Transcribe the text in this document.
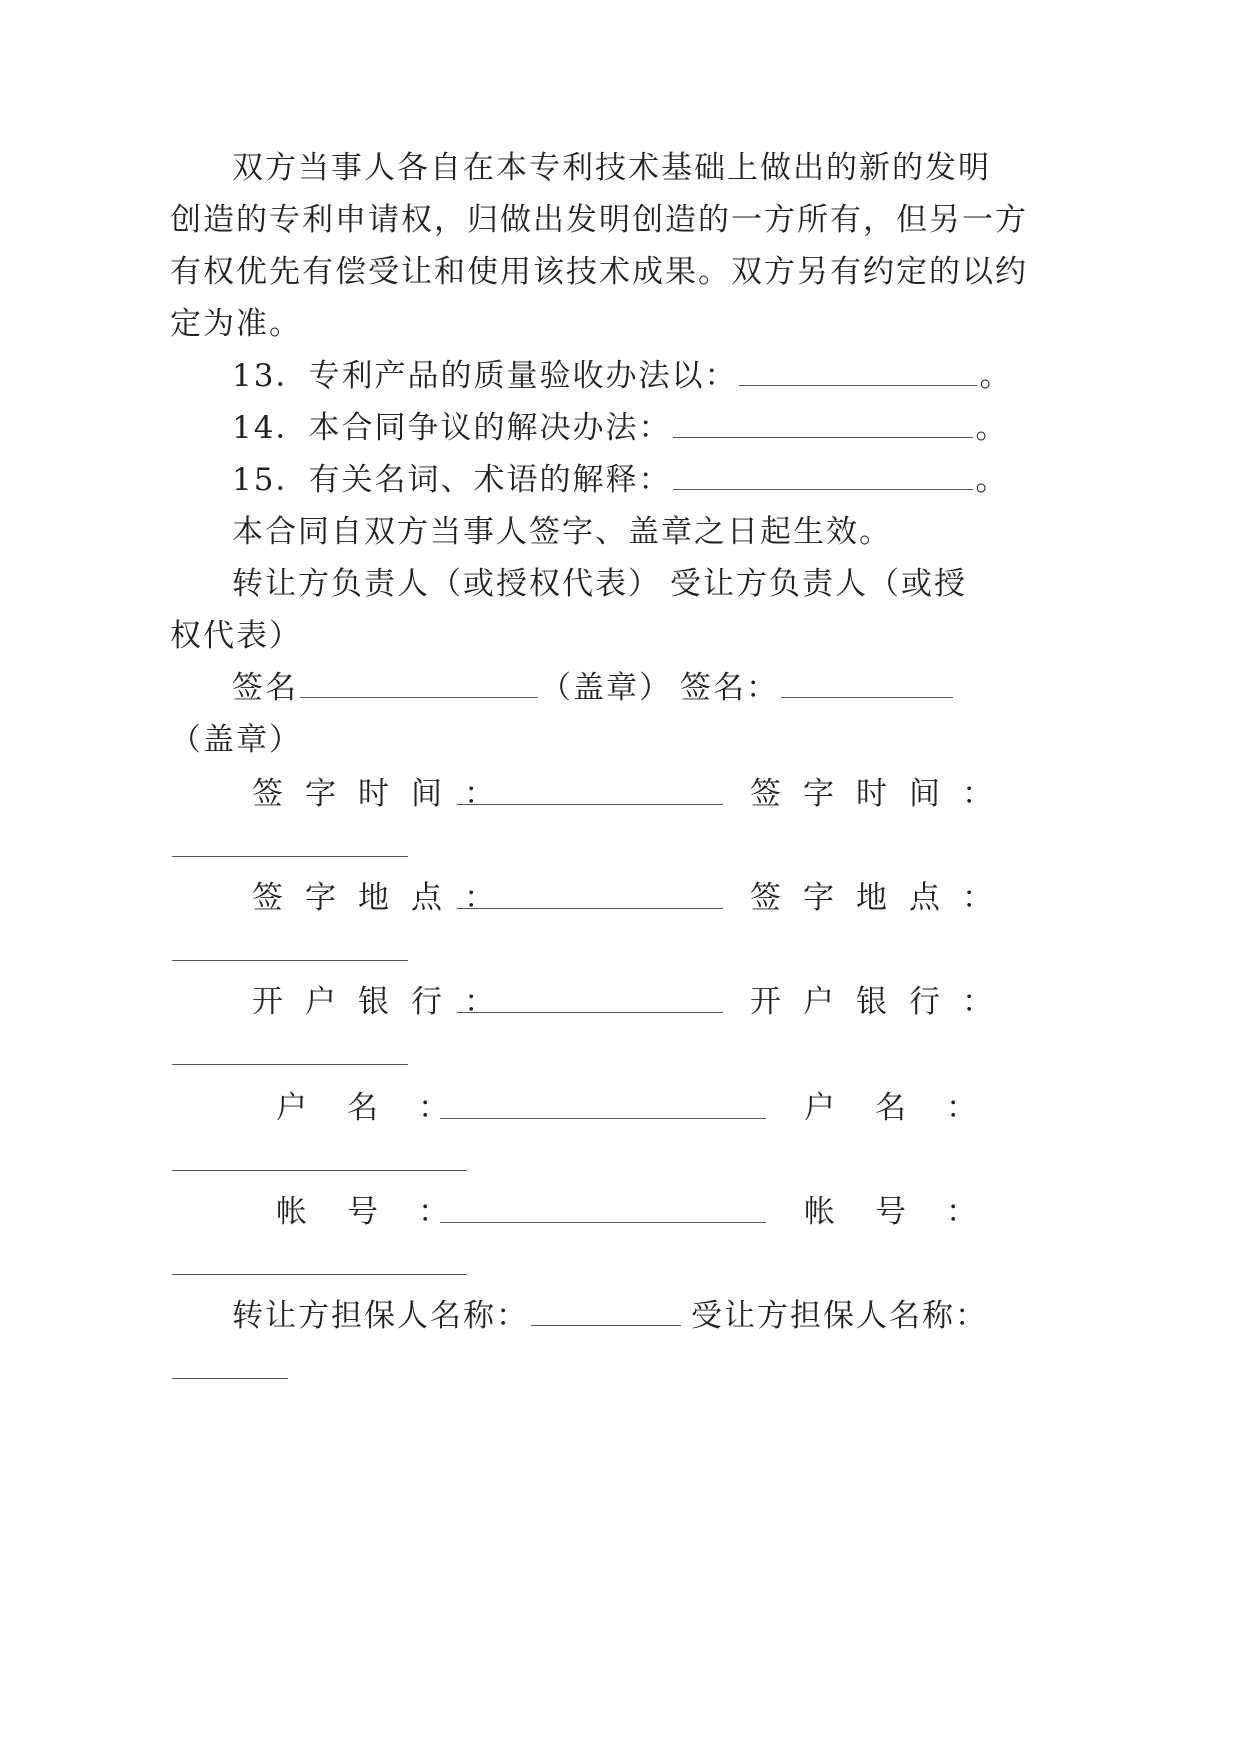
双方当事人各自在本专利技术基础上做出的新的发明
创造的专利申请权，归做出发明创造的一方所有，但另一方
有权优先有偿受让和使用该技术成果。双方另有约定的以约
定为准。
13．专利产品的质量验收办法以：	。
14．本合同争议的解决办法：	。
15．有关名词、术语的解释：	。
本合同自双方当事人签字、盖章之日起生效。
转让方负责人（或授权代表） 受让方负责人（或授
权代表）
签名	（盖章） 签名：
（盖章）
签字时间：	签字时间：
签字地点：	签字地点：
开户银行：	开户银行：
户名：	户名：
帐号：	帐号：
转让方担保人名称：	受让方担保人名称：
